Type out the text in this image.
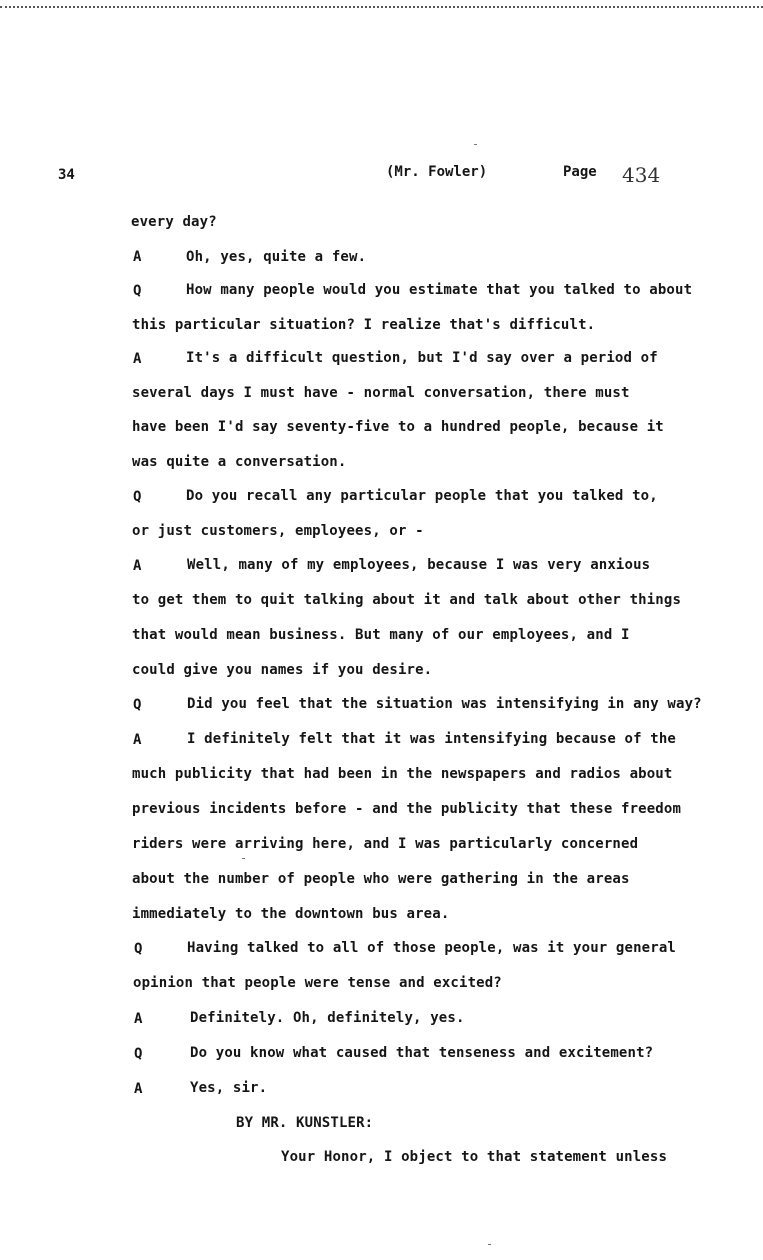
34	(Mr. Fowler)	Page 434
every day?
A	Oh, yes, quite a few.
Q	How many people would you estimate that you talked to about
this particular situation? I realize that's difficult.
A	It's a difficult question, but I'd say over a period of
several days I must have - normal conversation, there must
have been I'd say seventy-five to a hundred people, because it
was quite a conversation.
Q	Do you recall any particular people that you talked to,
or just customers, employees, or -
A	Well, many of my employees, because I was very anxious
to get them to quit talking about it and talk about other things
that would mean business. But many of our employees, and I
could give you names if you desire.
Q	Did you feel that the situation was intensifying in any way?
A	I definitely felt that it was intensifying because of the
much publicity that had been in the newspapers and radios about
previous incidents before - and the publicity that these freedom
riders were arriving here, and I was particularly concerned
about the number of people who were gathering in the areas
immediately to the downtown bus area.
Q	Having talked to all of those people, was it your general
opinion that people were tense and excited?
A	Definitely. Oh, definitely, yes.
Q	Do you know what caused that tenseness and excitement?
A	Yes, sir.
BY MR. KUNSTLER:
Your Honor, I object to that statement unless
